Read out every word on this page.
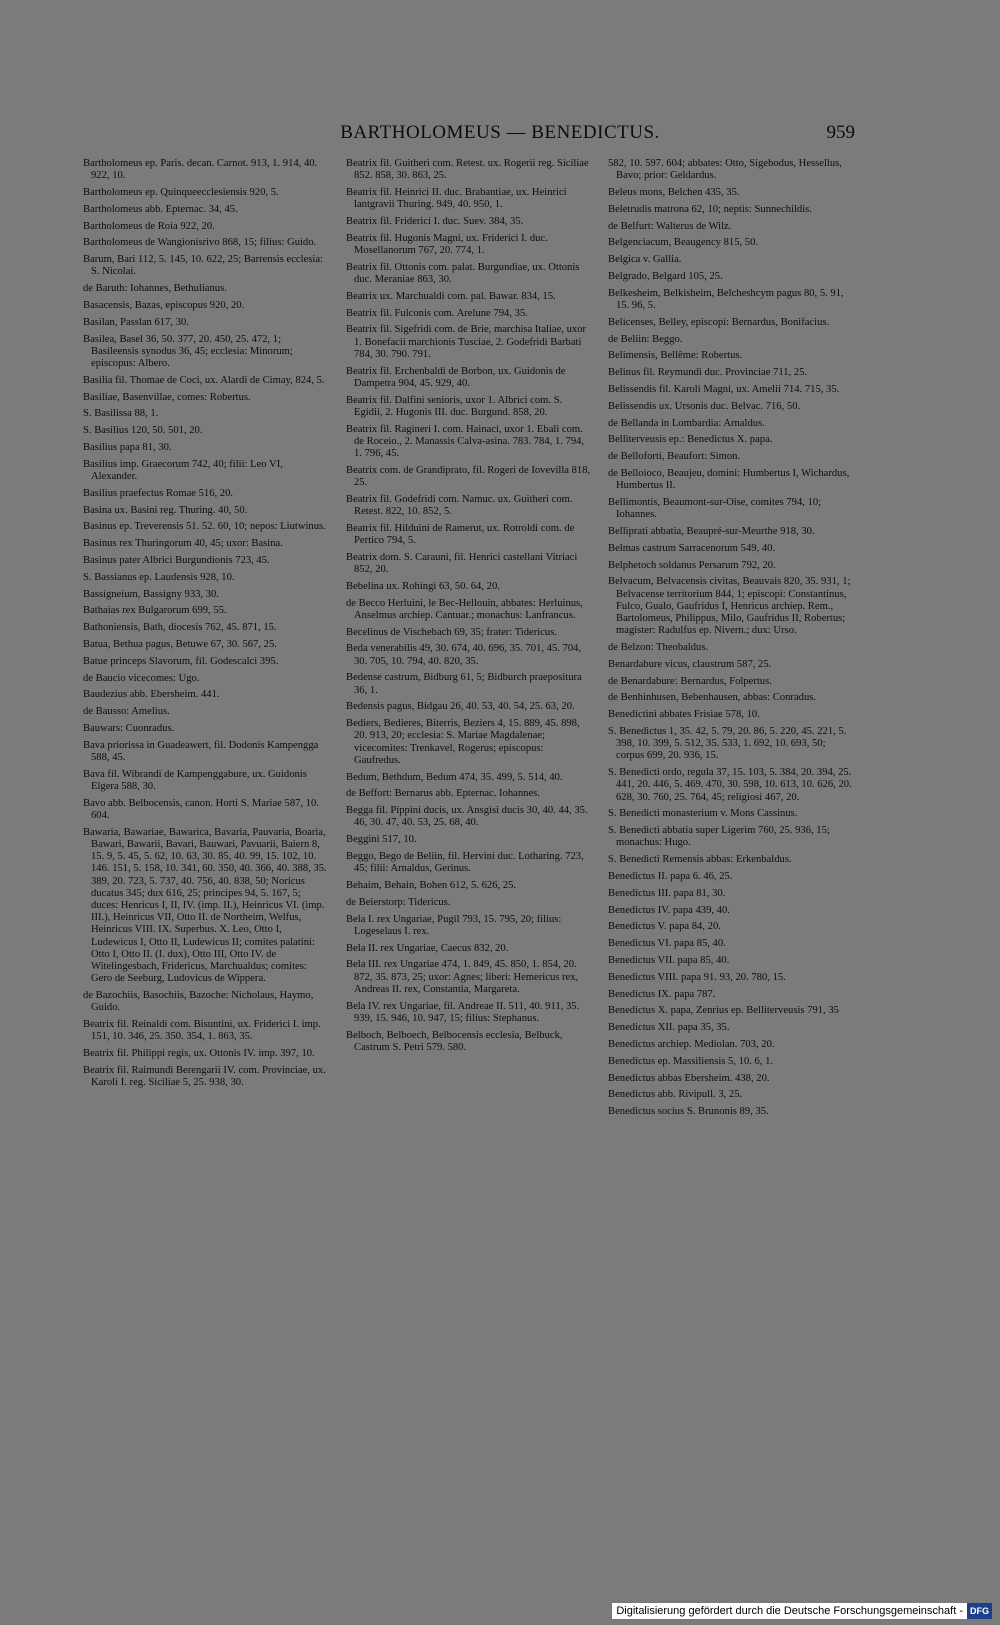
BARTHOLOMEUS — BENEDICTUS.	959
Bartholomeus ep. Paris. decan. Carnot. 913, 1. 914, 40. 922, 10.
Bartholomeus ep. Quinqueecclesiensis 920, 5.
Bartholomeus abb. Epternac. 34, 45.
Bartholomeus de Roia 922, 20.
Bartholomeus de Wangionisrivo 868, 15; filius: Guido.
Barum, Bari 112, 5. 145, 10. 622, 25; Barrensis ecclesia: S. Nicolai.
de Baruth: Iohannes, Bethulianus.
Basacensis, Bazas, episcopus 920, 20.
Basilan, Passlan 617, 30.
Basilea, Basel 36, 50. 377, 20. 450, 25. 472, 1; Basileensis synodus 36, 45; ecclesia: Minorum; episcopus: Albero.
Basilia fil. Thomae de Coci, ux. Alardi de Cimay, 824, 5.
Basiliae, Basenvillae, comes: Robertus.
S. Basilissa 88, 1.
S. Basilius 120, 50. 501, 20.
Basilius papa 81, 30.
Basilius imp. Graecorum 742, 40; filii: Leo VI, Alexander.
Basilius praefectus Romae 516, 20.
Basina ux. Basini reg. Thuring. 40, 50.
Basinus ep. Treverensis 51. 52. 60, 10; nepos: Liutwinus.
Basinus rex Thuringorum 40, 45; uxor: Basina.
Basinus pater Albrici Burgundionis 723, 45.
S. Bassianus ep. Laudensis 928, 10.
Bassigneium, Bassigny 933, 30.
Bathaias rex Bulgarorum 699, 55.
Bathoniensis, Bath, diocesis 762, 45. 871, 15.
Batua, Bethua pagus, Betuwe 67, 30. 567, 25.
Batue princeps Slavorum, fil. Godescalci 395.
de Baucio vicecomes: Ugo.
Baudezius abb. Ebersheim. 441.
de Bausso: Amelius.
Bauwars: Cuonradus.
Bava priorissa in Guadeawert, fil. Dodonis Kampengga 588, 45.
Bava fil. Wibrandi de Kampenggabure, ux. Guidonis Elgera 588, 30.
Bavo abb. Belbocensis, canon. Horti S. Mariae 587, 10. 604.
Bawaria, Bawariae, Bawarica, Bavaria, Pauvaria, Boaria, Bawari, Bawarii, Bavari, Bauwari, Pavuarii, Baiern 8, 15. 9, 5. 45, 5. 62, 10. 63, 30. 85, 40. 99, 15. 102, 10. 146. 151, 5. 158, 10. 341, 60. 350, 40. 366, 40. 388, 35. 389, 20. 723, 5. 737, 40. 756, 40. 838, 50; Noricus ducatus 345; dux 616, 25; principes 94, 5. 167, 5; duces: Henricus I, II, IV. (imp. II.), Heinricus VI. (imp. III.), Heinricus VII, Otto II. de Northeim, Welfus, Heinricus VIII. IX. Superbus. X. Leo, Otto I, Ludewicus I, Otto II, Ludewicus II; comites palatini: Otto I, Otto II. (I. dux), Otto III, Otto IV. de Witelingesbach, Fridericus, Marchualdus; comites: Gero de Seeburg, Ludovicus de Wippera.
de Bazochiis, Basochiis, Bazoche: Nicholaus, Haymo, Guido.
Beatrix fil. Reinaldi com. Bisuntini, ux. Friderici I. imp. 151, 10. 346, 25. 350. 354, 1. 863, 35.
Beatrix fil. Philippi regis, ux. Ottonis IV. imp. 397, 10.
Beatrix fil. Raimundi Berengarii IV. com. Provinciae, ux. Karoli I. reg. Siciliae 5, 25. 938, 30.
Beatrix fil. Guitheri com. Retest. ux. Rogerii reg. Siciliae 852. 858, 30. 863, 25.
Beatrix fil. Heinrici II. duc. Brabantiae, ux. Heinrici lantgravii Thuring. 949, 40. 950, 1.
Beatrix fil. Friderici I. duc. Suev. 384, 35.
Beatrix fil. Hugonis Magni, ux. Friderici I. duc. Mosellanorum 767, 20. 774, 1.
Beatrix fil. Ottonis com. palat. Burgundiae, ux. Ottonis duc. Meraniae 863, 30.
Beatrix ux. Marchualdi com. pal. Bawar. 834, 15.
Beatrix fil. Fulconis com. Arelune 794, 35.
Beatrix fil. Sigefridi com. de Brie, marchisa Italiae, uxor 1. Bonefacii marchionis Tusciae, 2. Godefridi Barbati 784, 30. 790. 791.
Beatrix fil. Erchenbaldi de Borbon, ux. Guidonis de Dampetra 904, 45. 929, 40.
Beatrix fil. Dalfini senioris, uxor 1. Albrici com. S. Egidii, 2. Hugonis III. duc. Burgund. 858, 20.
Beatrix fil. Ragineri I. com. Hainaci, uxor 1. Ebali com. de Roceio., 2. Manassis Calva-asina. 783. 784, 1. 794, 1. 796, 45.
Beatrix com. de Grandiprato, fil. Rogeri de Iovevilla 818, 25.
Beatrix fil. Godefridi com. Namuc. ux. Guitheri com. Retest. 822, 10. 852, 5.
Beatrix fil. Hilduini de Ramerut, ux. Rotroldi com. de Pertico 794, 5.
Beatrix dom. S. Carauni, fil. Henrici castellani Vitriaci 852, 20.
Bebelina ux. Rohingi 63, 50. 64, 20.
de Becco Herluini, le Bec-Hellouin, abbates: Herluinus, Anselmus archiep. Cantuar.; monachus: Lanfrancus.
Becelinus de Vischebach 69, 35; frater: Tidericus.
Beda venerabilis 49, 30. 674, 40. 696, 35. 701, 45. 704, 30. 705, 10. 794, 40. 820, 35.
Bedense castrum, Bidburg 61, 5; Bidburch praepositura 36, 1.
Bedensis pagus, Bidgau 26, 40. 53, 40. 54, 25. 63, 20.
Bediers, Bedieres, Biterris, Beziers 4, 15. 889, 45. 898, 20. 913, 20; ecclesia: S. Mariae Magdalenae; vicecomites: Trenkavel, Rogerus; episcopus: Gaufredus.
Bedum, Bethdum, Bedum 474, 35. 499, 5. 514, 40.
de Beffort: Bernarus abb. Epternac. Iohannes.
Begga fil. Pippini ducis, ux. Ansgisi ducis 30, 40. 44, 35. 46, 30. 47, 40. 53, 25. 68, 40.
Beggini 517, 10.
Beggo, Bego de Beliin, fil. Hervini duc. Lotharing. 723, 45; filii: Arnaldus, Gerinus.
Behaim, Behain, Bohen 612, 5. 626, 25.
de Beierstorp: Tidericus.
Bela I. rex Ungariae, Pugil 793, 15. 795, 20; filius: Logeselaus I. rex.
Bela II. rex Ungariae, Caecus 832, 20.
Bela III. rex Ungariae 474, 1. 849, 45. 850, 1. 854, 20. 872, 35. 873, 25; uxor: Agnes; liberi: Hemericus rex, Andreas II. rex, Constantia, Margareta.
Bela IV. rex Ungariae, fil. Andreae II. 511, 40. 911, 35. 939, 15. 946, 10. 947, 15; filius: Stephanus.
Belboch, Belboech, Belbocensis ecclesia, Belbuck, Castrum S. Petri 579. 580.
582, 10. 597. 604; abbates: Otto, Sigebodus, Hessellus, Bavo; prior: Geldardus.
Beleus mons, Belchen 435, 35.
Beletrudis matrona 62, 10; neptis: Sunnechildis.
de Belfurt: Walterus de Wilz.
Belgenciacum, Beaugency 815, 50.
Belgica v. Gallia.
Belgrado, Belgard 105, 25.
Belkesheim, Belkisheim, Belcheshcym pagus 80, 5. 91, 15. 96, 5.
Belicenses, Belley, episcopi: Bernardus, Bonifacius.
de Beliin: Beggo.
Belimensis, Bellême: Robertus.
Belinus fil. Reymundi duc. Provinciae 711, 25.
Belissendis fil. Karoli Magni, ux. Amelii 714. 715, 35.
Belissendis ux. Ursonis duc. Belvac. 716, 50.
de Bellanda in Lombardia: Arnaldus.
Belliterveusis ep.: Benedictus X. papa.
de Belloforti, Beaufort: Simon.
de Belloioco, Beaujeu, domini: Humbertus I, Wichardus, Humbertus II.
Bellimontis, Beaumont-sur-Oise, comites 794, 10; Iohannes.
Belliprati abbatia, Beaupré-sur-Meurthe 918, 30.
Belmas castrum Sarracenorum 549, 40.
Belphetoch soldanus Persarum 792, 20.
Belvacum, Belvacensis civitas, Beauvais 820, 35. 931, 1; Belvacense territorium 844, 1; episcopi: Constantinus, Fulco, Gualo, Gaufridus I, Henricus archiep. Rem., Bartolomeus, Philippus, Milo, Gaufridus II, Robertus; magister: Radulfus ep. Nivern.; dux: Urso.
de Belzon: Theobaldus.
Benardabure vicus, claustrum 587, 25.
de Benardabure: Bernardus, Folpertus.
de Benhinhusen, Bebenhausen, abbas: Conradus.
Benedictini abbates Frisiae 578, 10.
S. Benedictus 1, 35. 42, 5. 79, 20. 86, 5. 220, 45. 221, 5. 398, 10. 399, 5. 512, 35. 533, 1. 692, 10. 693, 50; corpus 699, 20. 936, 15.
S. Benedicti ordo, regula 37, 15. 103, 5. 384, 20. 394, 25. 441, 20. 446, 5. 469. 470, 30. 598, 10. 613, 10. 626, 20. 628, 30. 760, 25. 764, 45; religiosi 467, 20.
S. Benedicti monasterium v. Mons Cassinus.
S. Benedicti abbatia super Ligerim 760, 25. 936, 15; monachus: Hugo.
S. Benedicti Remensis abbas: Erkenbaldus.
Benedictus II. papa 6. 46, 25.
Benedictus III. papa 81, 30.
Benedictus IV. papa 439, 40.
Benedictus V. papa 84, 20.
Benedictus VI. papa 85, 40.
Benedictus VII. papa 85, 40.
Benedictus VIII. papa 91. 93, 20. 780, 15.
Benedictus IX. papa 787.
Benedictus X. papa, Zenrius ep. Belliterveusis 791, 35
Benedictus XII. papa 35, 35.
Benedictus archiep. Mediolan. 703, 20.
Benedictus ep. Massiliensis 5, 10. 6, 1.
Benedictus abbas Ebersheim. 438, 20.
Benedictus abb. Rivipull. 3, 25.
Benedictus socius S. Brunonis 89, 35.
Digitalisierung gefördert durch die Deutsche Forschungsgemeinschaft - DFG
